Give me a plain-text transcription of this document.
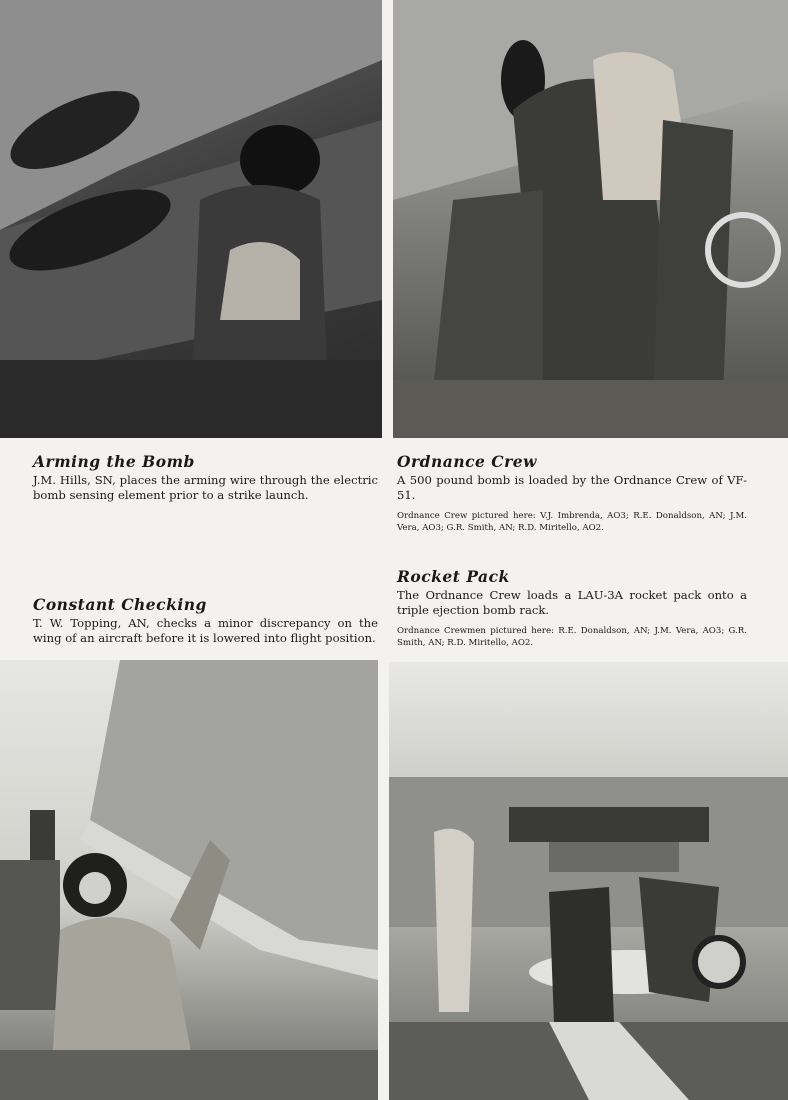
Arming the Bomb

J.M. Hills, SN, places the arming wire through the electric bomb sensing element prior to a strike launch.

Ordnance Crew

A 500 pound bomb is loaded by the Ordnance Crew of VF-51.

Ordnance Crew pictured here: V.J. Imbrenda, AO3; R.E. Donaldson, AN; J.M. Vera, AO3; G.R. Smith, AN; R.D. Miritello, AO2.

Rocket Pack

The Ordnance Crew loads a LAU-3A rocket pack onto a triple ejection bomb rack.

Ordnance Crewmen pictured here: R.E. Donaldson, AN; J.M. Vera, AO3; G.R. Smith, AN; R.D. Miritello, AO2.

Constant Checking

T. W. Topping, AN, checks a minor discrepancy on the wing of an aircraft before it is lowered into flight position.
